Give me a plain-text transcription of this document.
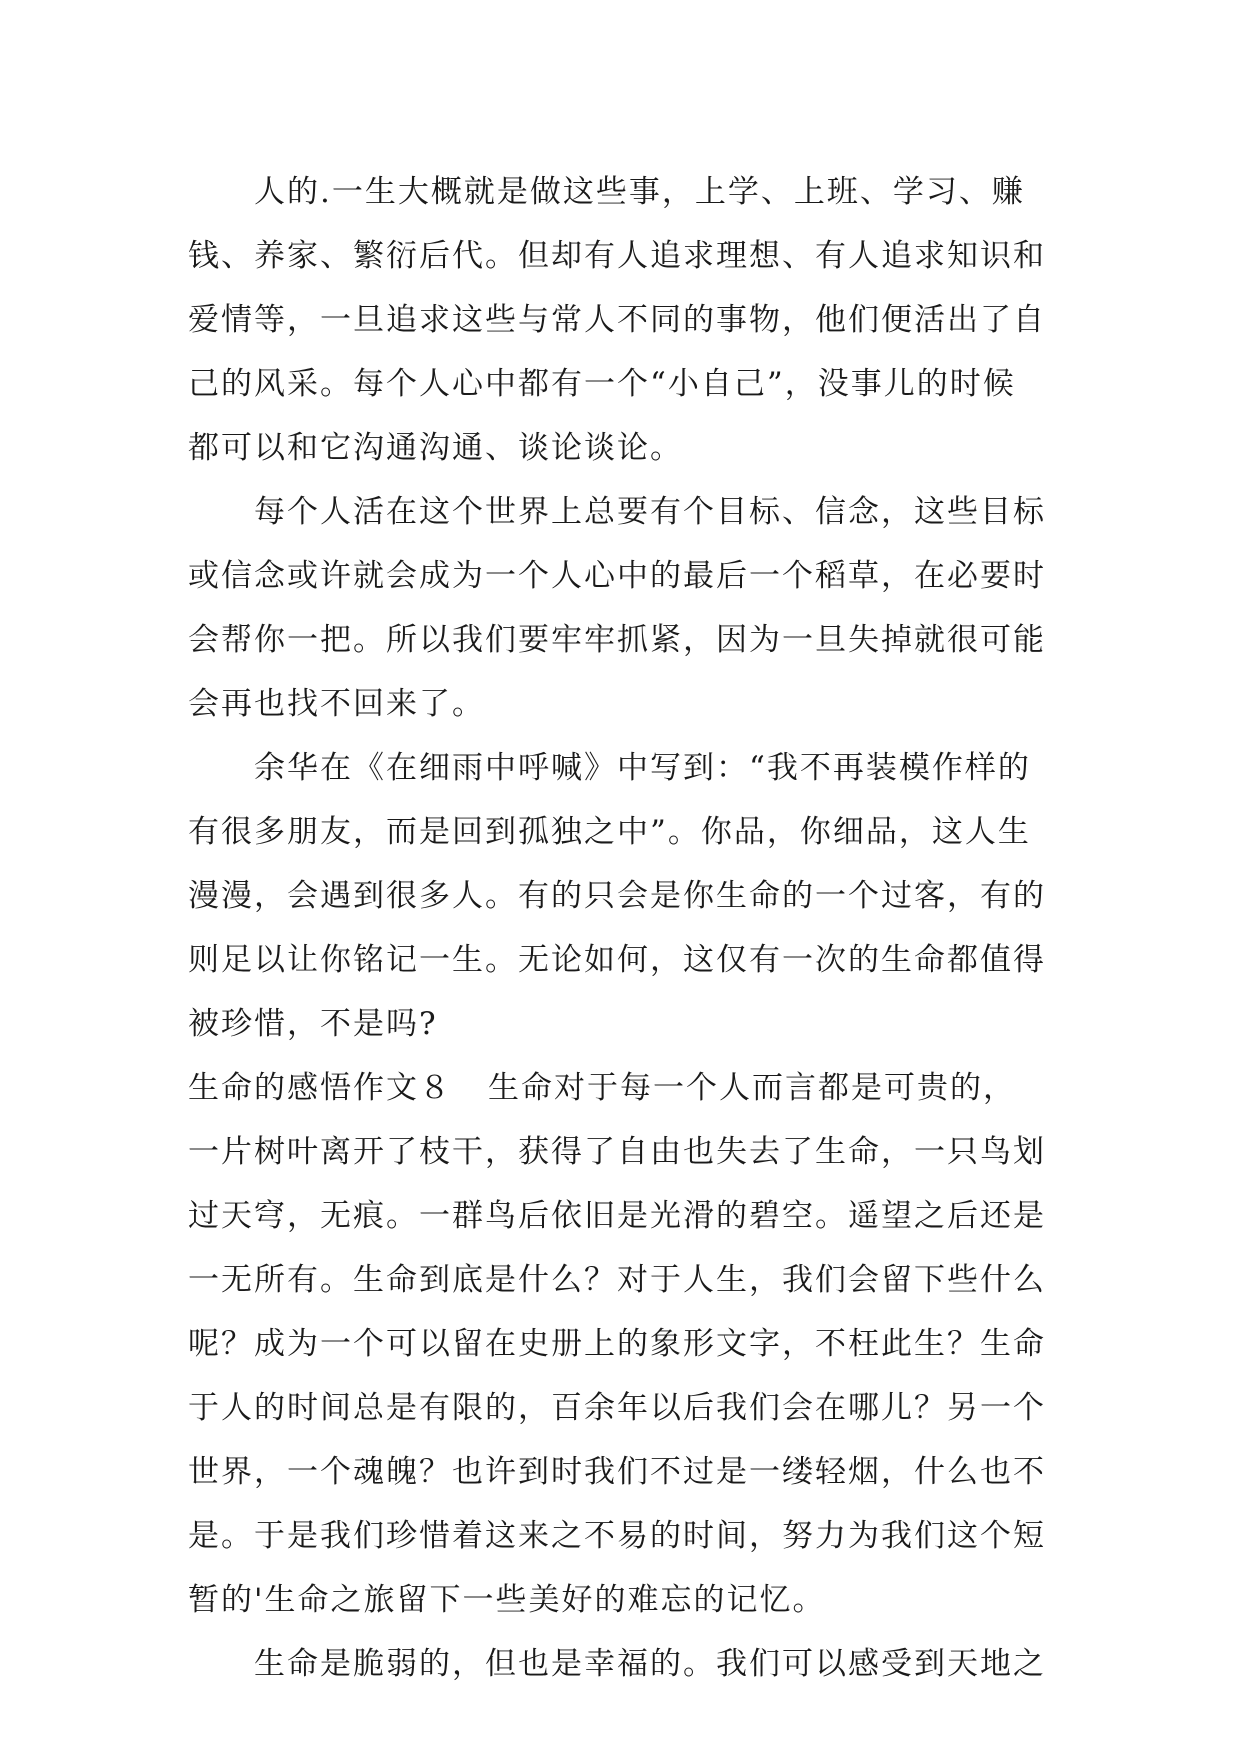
人的.一生大概就是做这些事，上学、上班、学习、赚
钱、养家、繁衍后代。但却有人追求理想、有人追求知识和
爱情等，一旦追求这些与常人不同的事物，他们便活出了自
己的风采。每个人心中都有一个“小自己”，没事儿的时候
都可以和它沟通沟通、谈论谈论。
每个人活在这个世界上总要有个目标、信念，这些目标
或信念或许就会成为一个人心中的最后一个稻草，在必要时
会帮你一把。所以我们要牢牢抓紧，因为一旦失掉就很可能
会再也找不回来了。
余华在《在细雨中呼喊》中写到：“我不再装模作样的
有很多朋友，而是回到孤独之中”。你品，你细品，这人生
漫漫，会遇到很多人。有的只会是你生命的一个过客，有的
则足以让你铭记一生。无论如何，这仅有一次的生命都值得
被珍惜，不是吗?
生命的感悟作文８ 生命对于每一个人而言都是可贵的，
一片树叶离开了枝干，获得了自由也失去了生命，一只鸟划
过天穹，无痕。一群鸟后依旧是光滑的碧空。遥望之后还是
一无所有。生命到底是什么？对于人生，我们会留下些什么
呢？成为一个可以留在史册上的象形文字，不枉此生？生命
于人的时间总是有限的，百余年以后我们会在哪儿？另一个
世界，一个魂魄？也许到时我们不过是一缕轻烟，什么也不
是。于是我们珍惜着这来之不易的时间，努力为我们这个短
暂的'生命之旅留下一些美好的难忘的记忆。
生命是脆弱的，但也是幸福的。我们可以感受到天地之
